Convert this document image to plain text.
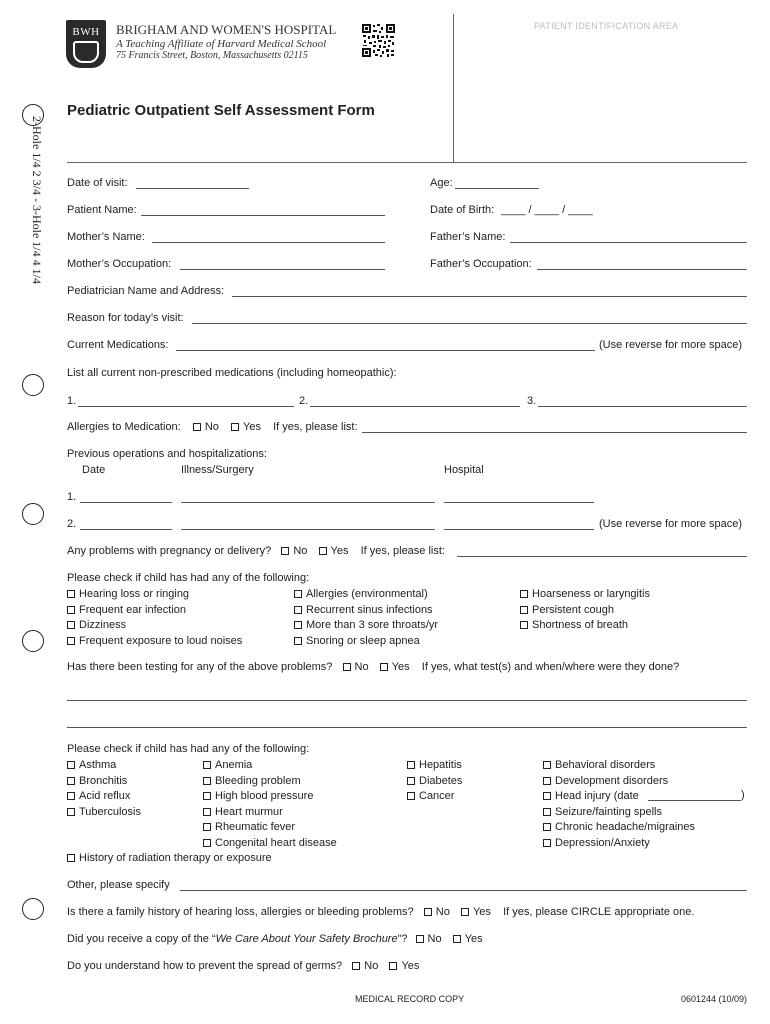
2-Hole 1/4 2 3/4 - 3-Hole 1/4 4 1/4
BWH	BRIGHAM AND WOMEN'S HOSPITAL
A Teaching Affiliate of Harvard Medical School
75 Francis Street, Boston, Massachusetts 02115
PATIENT IDENTIFICATION AREA
Pediatric Outpatient Self Assessment Form
Date of visit:	Age:
Patient Name:	Date of Birth: ____ / ____ / ____
Mother’s Name:	Father’s Name:
Mother’s Occupation:	Father’s Occupation:
Pediatrician Name and Address:
Reason for today’s visit:
Current Medications:	(Use reverse for more space)
List all current non-prescribed medications (including homeopathic):
1.	2.	3.
Allergies to Medication: No Yes If yes, please list:
Previous operations and hospitalizations:
Date	Illness/Surgery	Hospital
1.
2.	(Use reverse for more space)
Any problems with pregnancy or delivery? No Yes If yes, please list:
Please check if child has had any of the following:
Hearing loss or ringing
Frequent ear infection
Dizziness
Frequent exposure to loud noises
Allergies (environmental)
Recurrent sinus infections
More than 3 sore throats/yr
Snoring or sleep apnea
Hoarseness or laryngitis
Persistent cough
Shortness of breath
Has there been testing for any of the above problems? No Yes If yes, what test(s) and when/where were they done?
Please check if child has had any of the following:
Asthma
Bronchitis
Acid reflux
Tuberculosis
Anemia
Bleeding problem
High blood pressure
Heart murmur
Rheumatic fever
Congenital heart disease
Hepatitis
Diabetes
Cancer
Behavioral disorders
Development disorders
Head injury (date
Seizure/fainting spells
Chronic headache/migraines
Depression/Anxiety
)
History of radiation therapy or exposure
Other, please specify
Is there a family history of hearing loss, allergies or bleeding problems? No Yes If yes, please CIRCLE appropriate one.
Did you receive a copy of the “We Care About Your Safety Brochure”? No Yes
Do you understand how to prevent the spread of germs? No Yes
MEDICAL RECORD COPY	0601244 (10/09)
